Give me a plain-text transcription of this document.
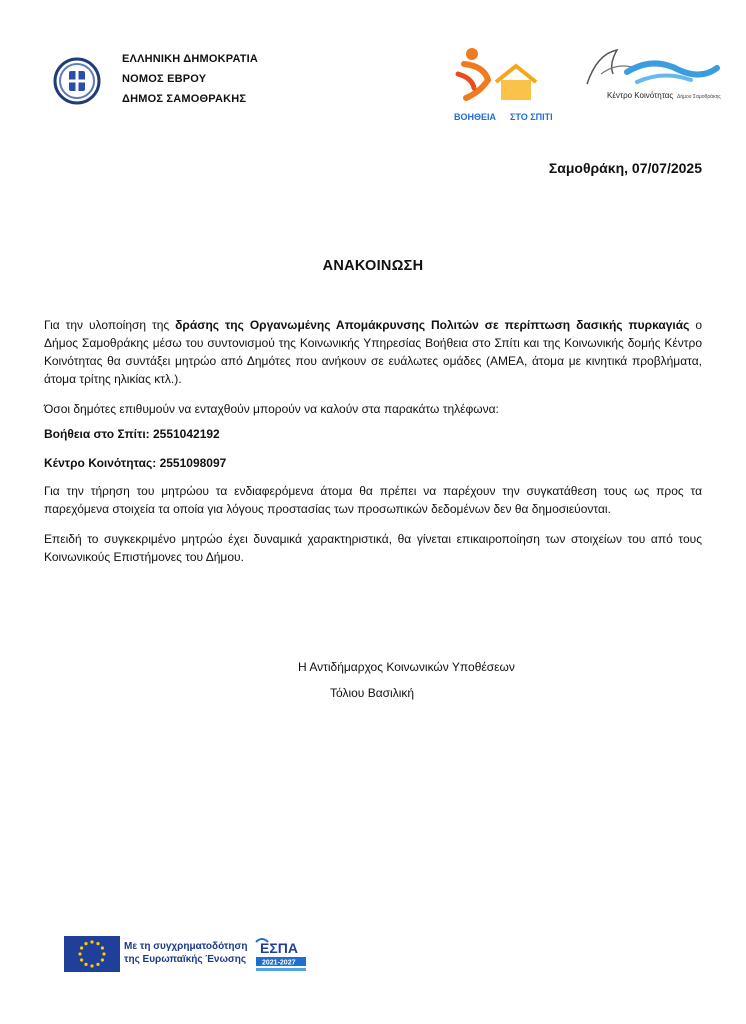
ΕΛΛΗΝΙΚΗ ΔΗΜΟΚΡΑΤΙΑ
ΝΟΜΟΣ ΕΒΡΟΥ
ΔΗΜΟΣ ΣΑΜΟΘΡΑΚΗΣ
ΒΟΗΘΕΙΑ ΣΤΟ ΣΠΙΤΙ
Κέντρο Κοινότητας Δήμου Σαμοθράκης
Σαμοθράκη, 07/07/2025
ΑΝΑΚΟΙΝΩΣΗ
Για την υλοποίηση της δράσης της Οργανωμένης Απομάκρυνσης Πολιτών σε περίπτωση δασικής πυρκαγιάς ο Δήμος Σαμοθράκης μέσω του συντονισμού της Κοινωνικής Υπηρεσίας Βοήθεια στο Σπίτι και της Κοινωνικής δομής Κέντρο Κοινότητας θα συντάξει μητρώο από Δημότες που ανήκουν σε ευάλωτες ομάδες (ΑΜΕΑ, άτομα με κινητικά προβλήματα, άτομα τρίτης ηλικίας κτλ.).
Όσοι δημότες επιθυμούν να ενταχθούν μπορούν να καλούν στα παρακάτω τηλέφωνα:
Βοήθεια στο Σπίτι: 2551042192
Κέντρο Κοινότητας: 2551098097
Για την τήρηση του μητρώου τα ενδιαφερόμενα άτομα θα πρέπει να παρέχουν την συγκατάθεση τους ως προς τα παρεχόμενα στοιχεία τα οποία για λόγους προστασίας των προσωπικών δεδομένων δεν θα δημοσιεύονται.
Επειδή το συγκεκριμένο μητρώο έχει δυναμικά χαρακτηριστικά, θα γίνεται επικαιροποίηση των στοιχείων του από τους Κοινωνικούς Επιστήμονες του Δήμου.
Η Αντιδήμαρχος Κοινωνικών Υποθέσεων
Τόλιου Βασιλική
Με τη συγχρηματοδότηση
της Ευρωπαϊκής Ένωσης
ΕΣΠΑ
2021-2027
